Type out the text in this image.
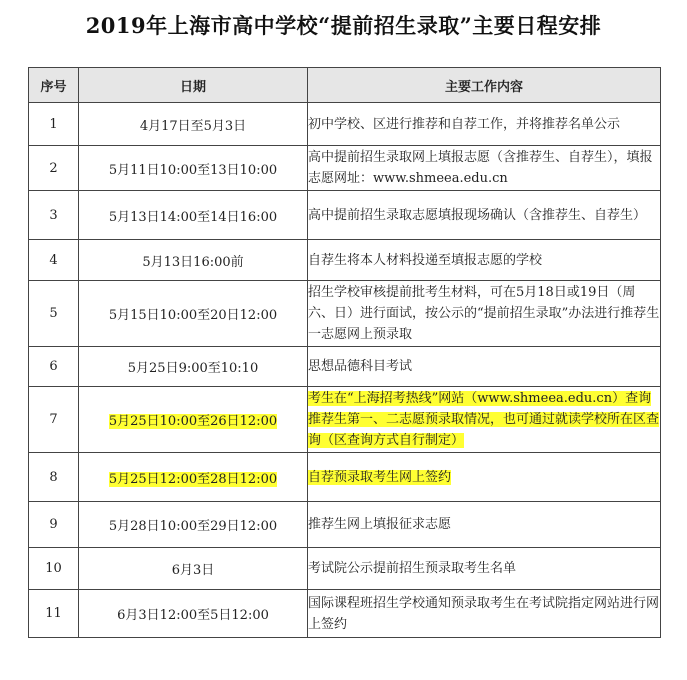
2019年上海市高中学校“提前招生录取”主要日程安排
序号	日期	主要工作内容
1	4月17日至5月3日	初中学校、区进行推荐和自荐工作，并将推荐名单公示
2	5月11日10:00至13日10:00	高中提前招生录取网上填报志愿（含推荐生、自荐生），填报志愿网址：www.shmeea.edu.cn
3	5月13日14:00至14日16:00	高中提前招生录取志愿填报现场确认（含推荐生、自荐生）
4	5月13日16:00前	自荐生将本人材料投递至填报志愿的学校
5	5月15日10:00至20日12:00	招生学校审核提前批考生材料，可在5月18日或19日（周六、日）进行面试，按公示的“提前招生录取”办法进行推荐生一志愿网上预录取
6	5月25日9:00至10:10	思想品德科目考试
7	5月25日10:00至26日12:00	考生在“上海招考热线”网站（www.shmeea.edu.cn）查询推荐生第一、二志愿预录取情况，也可通过就读学校所在区查询（区查询方式自行制定）
8	5月25日12:00至28日12:00	自荐预录取考生网上签约
9	5月28日10:00至29日12:00	推荐生网上填报征求志愿
10	6月3日	考试院公示提前招生预录取考生名单
11	6月3日12:00至5日12:00	国际课程班招生学校通知预录取考生在考试院指定网站进行网上签约
